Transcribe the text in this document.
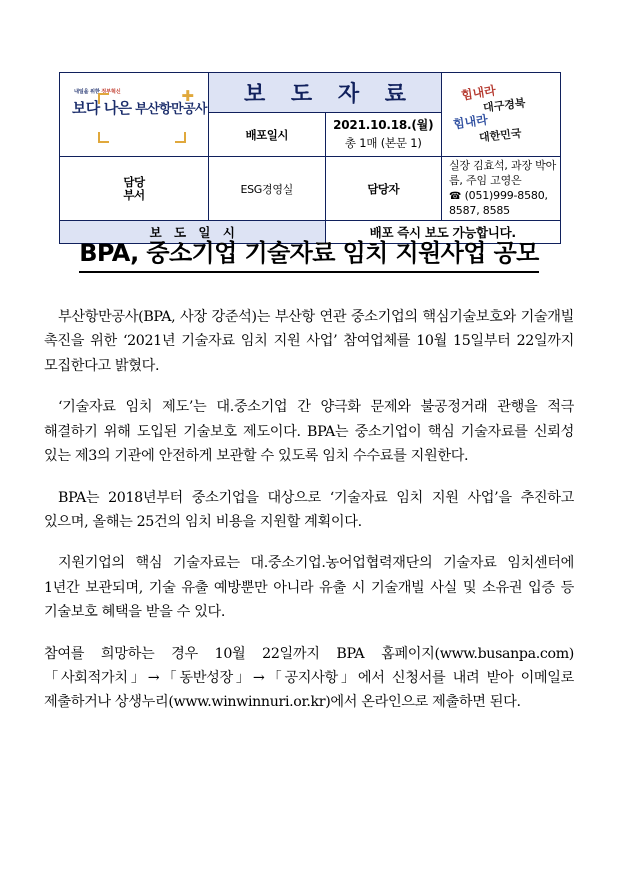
내일을 위한 정부혁신	✚
보다 나은 부산항만공사

보 도 자 료	힘내라
대구경북
힘내라
대한민국

	배포일시	2021.10.18.(월)
총 1매 (본문 1)	

담당
부서	ESG경영실	담당자	
실장 김효석, 과장 박아름, 주임 고영은
☎ (051)999-8580, 8587, 8585

보 도 일 시		배포 즉시 보도 가능합니다.	
BPA, 중소기업 기술자료 임치 지원사업 공모

부산항만공사(BPA, 사장 강준석)는 부산항 연관 중소기업의 핵심기술보호와 기술개빌 촉진을 위한 ‘2021년 기술자료 임치 지원 사업’ 참여업체를 10월 15일부터 22일까지 모집한다고 밝혔다.

‘기술자료 임치 제도’는 대.중소기업 간 양극화 문제와 불공정거래 관행을 적극 해결하기 위해 도입된 기술보호 제도이다. BPA는 중소기업이 핵심 기술자료를 신뢰성 있는 제3의 기관에 안전하게 보관할 수 있도록 임치 수수료를 지원한다.

BPA는 2018년부터 중소기업을 대상으로 ‘기술자료 임치 지원 사업’을 추진하고 있으며, 올해는 25건의 임치 비용을 지원할 계획이다.

지원기업의 핵심 기술자료는 대.중소기업.농어업협력재단의 기술자료 임치센터에 1년간 보관되며, 기술 유출 예방뿐만 아니라 유출 시 기술개빌 사실 및 소유권 입증 등 기술보호 혜택을 받을 수 있다.

참여를 희망하는 경우 10월 22일까지 BPA 홈페이지(www.busanpa.com) 「사회적가치」→「동반성장」→「공지사항」에서 신청서를 내려 받아 이메일로 제출하거나 상생누리(www.winwinnuri.or.kr)에서 온라인으로 제출하면 된다.
